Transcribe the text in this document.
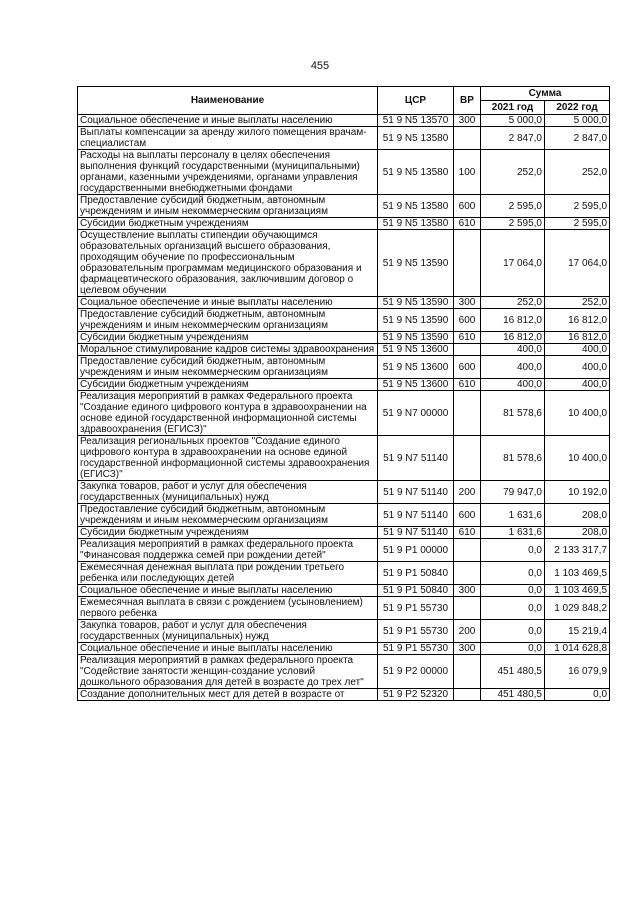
455
Наименование	ЦСР	ВР	Сумма	
			2021 год	2022 год
Социальное обеспечение и иные выплаты населению	51 9 N5 13570	300	5 000,0	5 000,0
Выплаты компенсации за аренду жилого помещения врачам-специалистам	51 9 N5 13580		2 847,0	2 847,0
Расходы на выплаты персоналу в целях обеспечения выполнения функций государственными (муниципальными) органами, казенными учреждениями, органами управления государственными внебюджетными фондами	51 9 N5 13580	100	252,0	252,0
Предоставление субсидий бюджетным, автономным учреждениям и иным некоммерческим организациям	51 9 N5 13580	600	2 595,0	2 595,0
Субсидии бюджетным учреждениям	51 9 N5 13580	610	2 595,0	2 595,0
Осуществление выплаты стипендии обучающимся образовательных организаций высшего образования, проходящим обучение по профессиональным образовательным программам медицинского образования и фармацевтического образования, заключившим договор о целевом обучении	51 9 N5 13590		17 064,0	17 064,0
Социальное обеспечение и иные выплаты населению	51 9 N5 13590	300	252,0	252,0
Предоставление субсидий бюджетным, автономным учреждениям и иным некоммерческим организациям	51 9 N5 13590	600	16 812,0	16 812,0
Субсидии бюджетным учреждениям	51 9 N5 13590	610	16 812,0	16 812,0
Моральное стимулирование кадров системы здравоохранения	51 9 N5 13600		400,0	400,0
Предоставление субсидий бюджетным, автономным учреждениям и иным некоммерческим организациям	51 9 N5 13600	600	400,0	400,0
Субсидии бюджетным учреждениям	51 9 N5 13600	610	400,0	400,0
Реализация мероприятий в рамках Федерального проекта "Создание единого цифрового контура в здравоохранении на основе единой государственной информационной системы здравоохранения (ЕГИСЗ)"	51 9 N7 00000		81 578,6	10 400,0
Реализация региональных проектов "Создание единого цифрового контура в здравоохранении на основе единой государственной информационной системы здравоохранения (ЕГИСЗ)"	51 9 N7 51140		81 578,6	10 400,0
Закупка товаров, работ и услуг для обеспечения государственных (муниципальных) нужд	51 9 N7 51140	200	79 947,0	10 192,0
Предоставление субсидий бюджетным, автономным учреждениям и иным некоммерческим организациям	51 9 N7 51140	600	1 631,6	208,0
Субсидии бюджетным учреждениям	51 9 N7 51140	610	1 631,6	208,0
Реализация мероприятий в рамках федерального проекта "Финансовая поддержка семей при рождении детей"	51 9 P1 00000		0,0	2 133 317,7
Ежемесячная денежная выплата при рождении третьего ребенка или последующих детей	51 9 P1 50840		0,0	1 103 469,5
Социальное обеспечение и иные выплаты населению	51 9 P1 50840	300	0,0	1 103 469,5
Ежемесячная выплата в связи с рождением (усыновлением) первого ребенка	51 9 P1 55730		0,0	1 029 848,2
Закупка товаров, работ и услуг для обеспечения государственных (муниципальных) нужд	51 9 P1 55730	200	0,0	15 219,4
Социальное обеспечение и иные выплаты населению	51 9 P1 55730	300	0,0	1 014 628,8
Реализация мероприятий в рамках федерального проекта "Содействие занятости женщин-создание условий дошкольного образования для детей в возрасте до трех лет"	51 9 P2 00000		451 480,5	16 079,9
Создание дополнительных мест для детей в возрасте от	51 9 P2 52320		451 480,5	0,0
